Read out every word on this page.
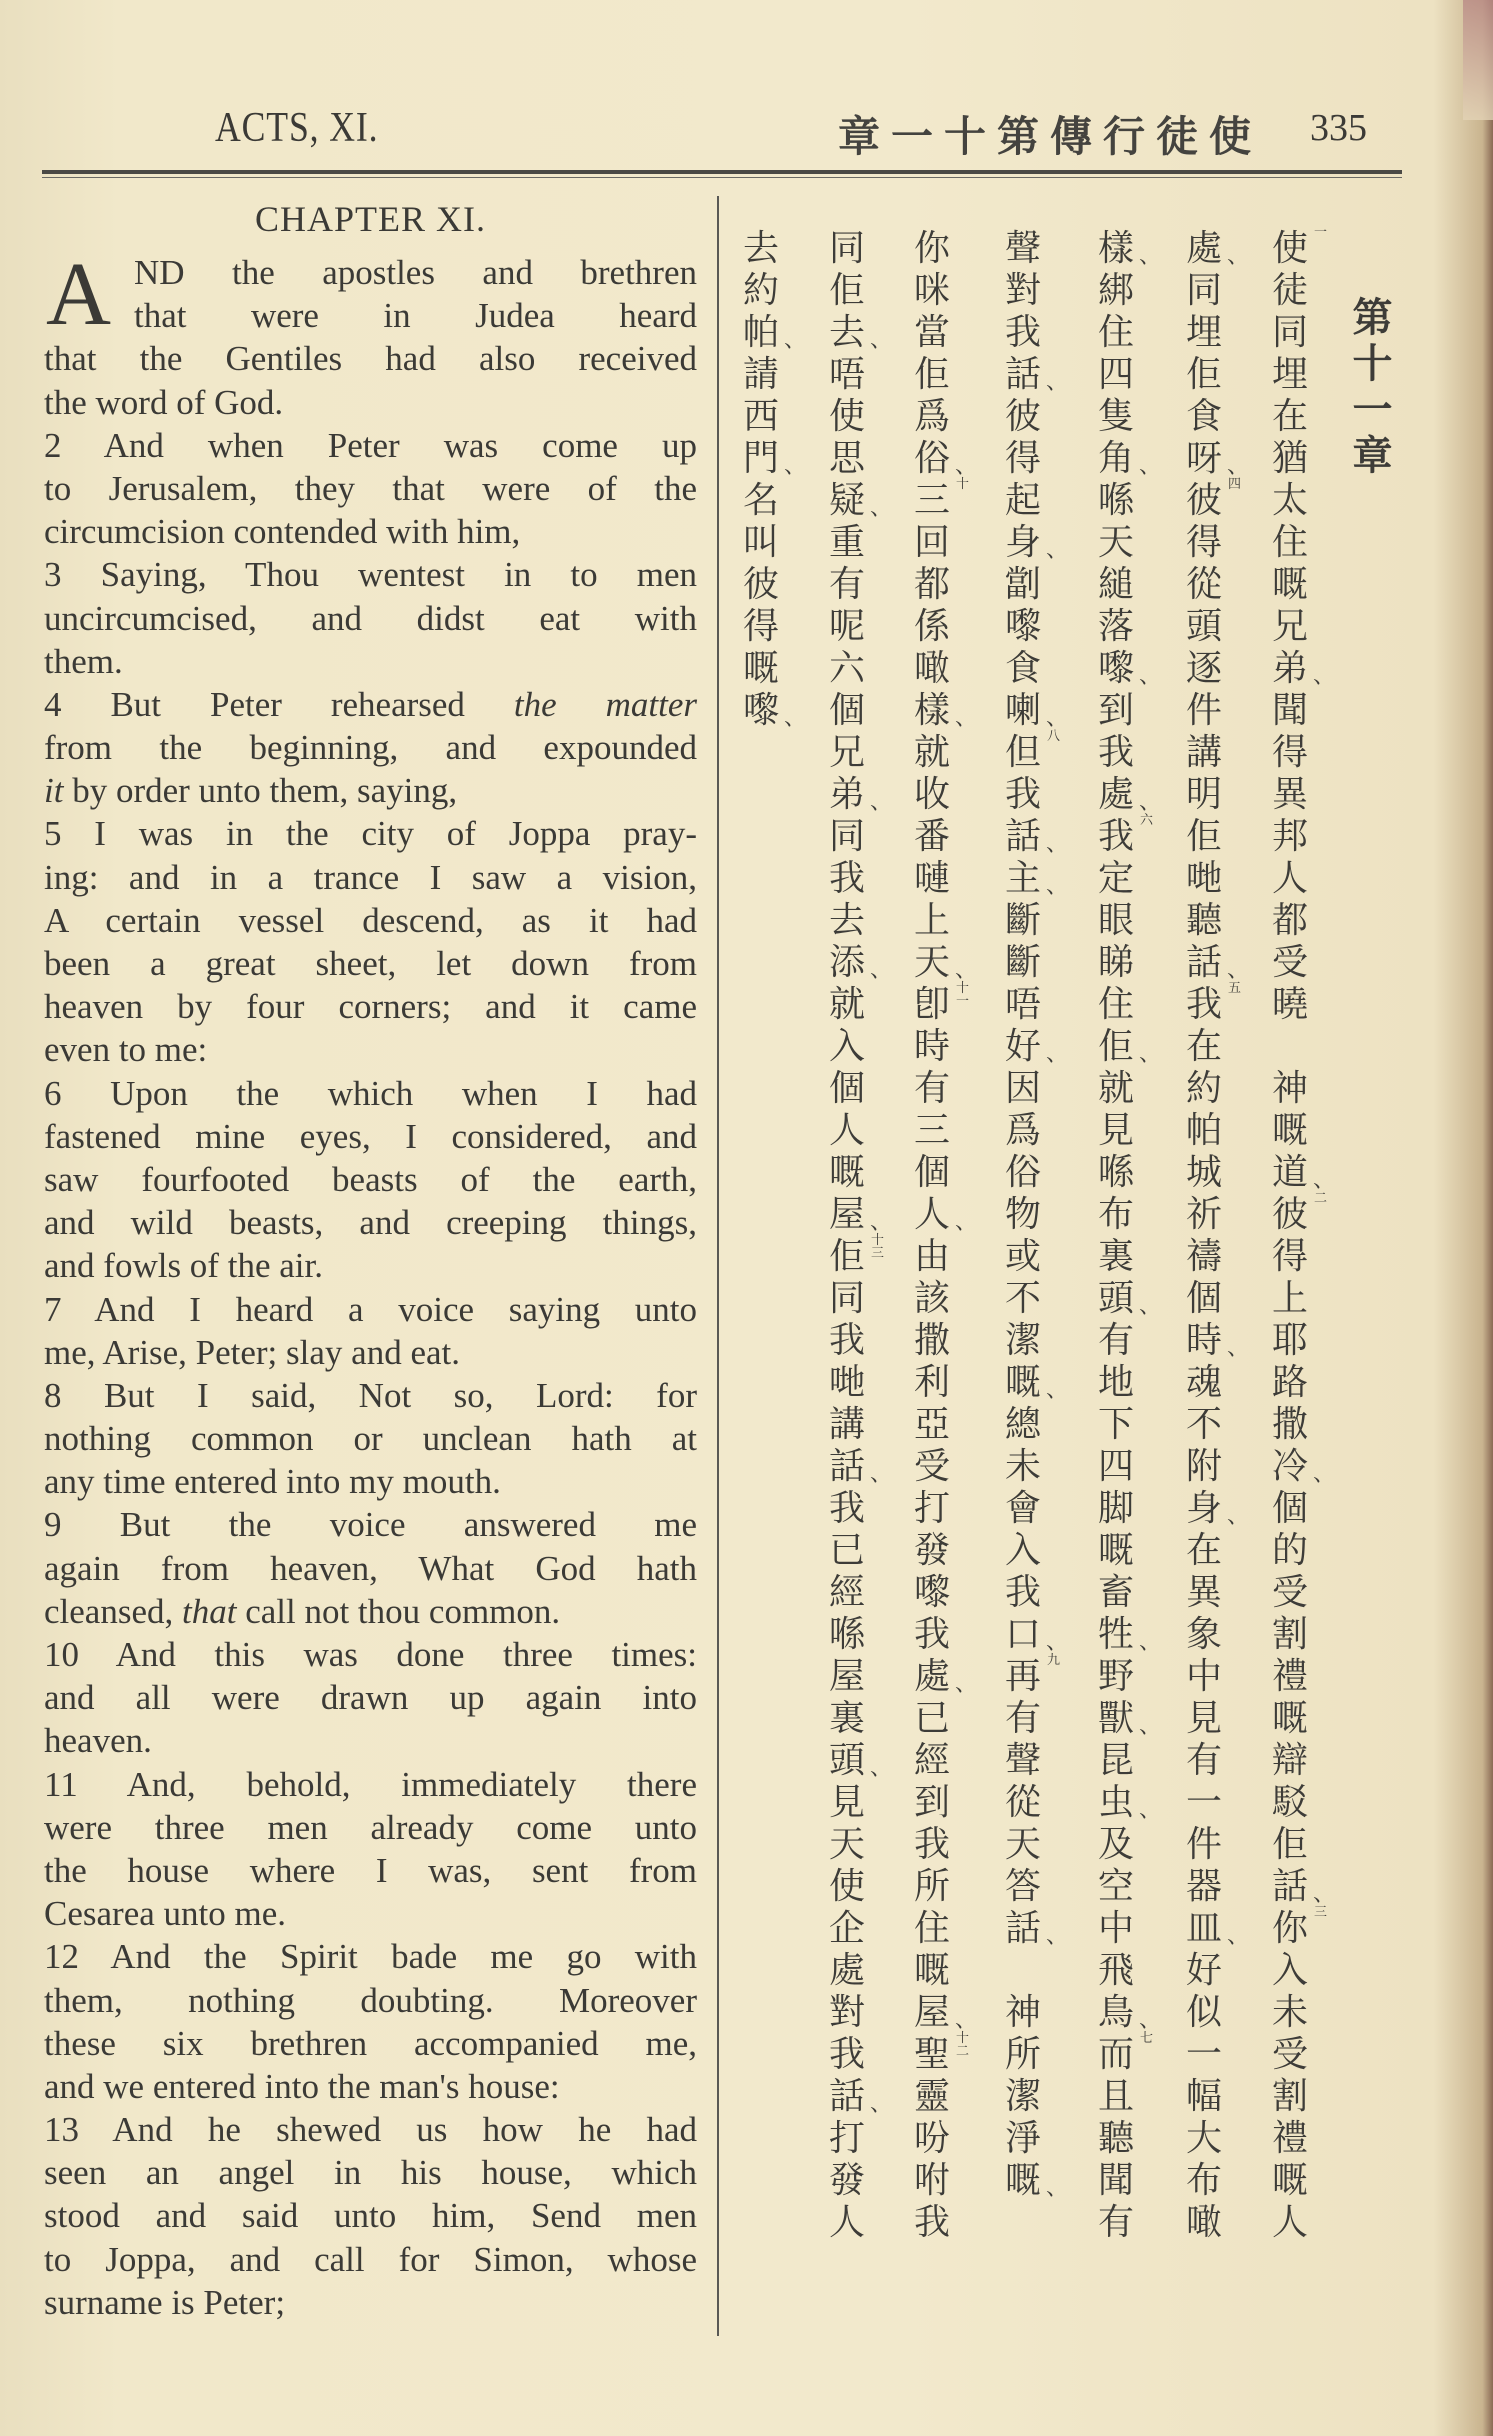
ACTS, XI.	章一十第傳行徒使 335
CHAPTER XI.
A ND the apostles and brethren
that were in Judea heard
that the Gentiles had also received
the word of God.
2 And when Peter was come up
to Jerusalem, they that were of the
circumcision contended with him,
3 Saying, Thou wentest in to men
uncircumcised, and didst eat with
them.
4 But Peter rehearsed the matter
from the beginning, and expounded
it by order unto them, saying,
5 I was in the city of Joppa pray-
ing: and in a trance I saw a vision,
A certain vessel descend, as it had
been a great sheet, let down from
heaven by four corners; and it came
even to me:
6 Upon the which when I had
fastened mine eyes, I considered, and
saw fourfooted beasts of the earth,
and wild beasts, and creeping things,
and fowls of the air.
7 And I heard a voice saying unto
me, Arise, Peter; slay and eat.
8 But I said, Not so, Lord: for
nothing common or unclean hath at
any time entered into my mouth.
9 But the voice answered me
again from heaven, What God hath
cleansed, that call not thou common.
10 And this was done three times:
and all were drawn up again into
heaven.
11 And, behold, immediately there
were three men already come unto
the house where I was, sent from
Cesarea unto me.
12 And the Spirit bade me go with
them, nothing doubting. Moreover
these six brethren accompanied me,
and we entered into the man's house:
13 And he shewed us how he had
seen an angel in his house, which
stood and said unto him, Send men
to Joppa, and call for Simon, whose
surname is Peter;
第十一章
一
使
徒
同
埋
在
猶
太
住
嘅
兄
弟 、
聞
得
異
邦
人
都
受
曉

神
嘅
道 、
二
彼
得
上
耶
路
撒
冷 、
個
的
受
割
禮
嘅
辯
駁
佢
話 、
三
你
入
未
受
割
禮
嘅
人
處 、
同
埋
佢
食
呀 、
四
彼
得
從
頭
逐
件
講
明
佢
哋
聽
話 、
五
我
在
約
帕
城
祈
禱
個
時 、
魂
不
附
身 、
在
異
象
中
見
有
一
件
器
皿 、
好
似
一
幅
大
布
噉
樣 、
綁
住
四
隻
角 、
喺
天
縋
落
嚟 、
到
我
處 、
六
我
定
眼
睇
住
佢 、
就
見
喺
布
裏
頭 、
有
地
下
四
脚
嘅
畜
牲 、
野
獸 、
昆
虫 、
及
空
中
飛
鳥 、
七
而
且
聽
聞
有
聲
對
我
話 、
彼
得
起
身 、
劏
嚟
食
喇 、
八
但
我
話 、
主 、
斷
斷
唔
好 、
因
爲
俗
物
或
不
潔
嘅 、
總
未
會
入
我
口 、
九
再
有
聲
從
天
答
話 、

神
所
潔
淨
嘅 、
你
咪
當
佢
爲
俗 、
十
三
回
都
係
噉
樣 、
就
收
番
嗹
上
天 、
十一
卽
時
有
三
個
人 、
由
該
撒
利
亞
受
打
發
嚟
我
處 、
已
經
到
我
所
住
嘅
屋 、
十二
聖
靈
吩
咐
我
同
佢
去 、
唔
使
思
疑 、
重
有
呢
六
個
兄
弟 、
同
我
去
添 、
就
入
個
人
嘅
屋 、
十三
佢
同
我
哋
講
話 、
我
已
經
喺
屋
裏
頭 、
見
天
使
企
處
對
我
話 、
打
發
人
去
約
帕 、
請
西
門 、
名
叫
彼
得
嘅
嚟 、
